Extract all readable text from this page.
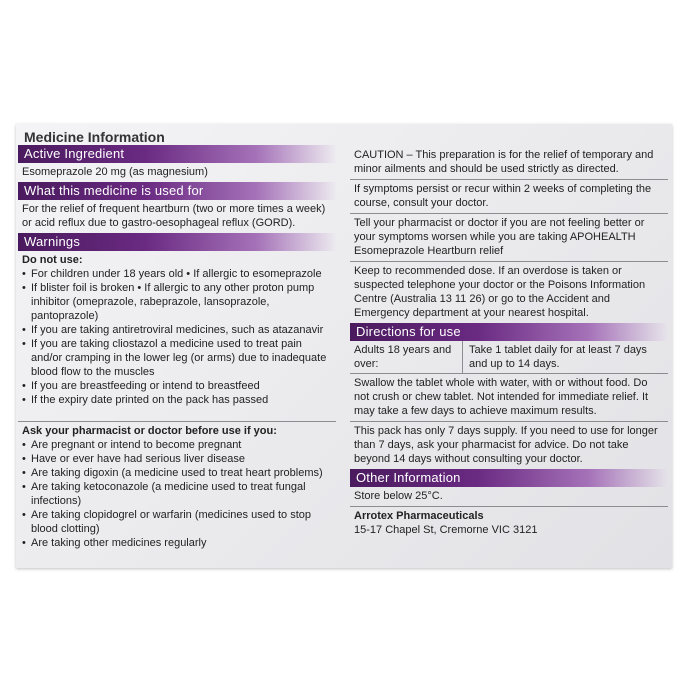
Medicine Information
Active Ingredient
Esomeprazole 20 mg (as magnesium)
What this medicine is used for
For the relief of frequent heartburn (two or more times a week) or acid reflux due to gastro-oesophageal reflux (GORD).
Warnings
Do not use:
• For children under 18 years old • If allergic to esomeprazole
• If blister foil is broken • If allergic to any other proton pump inhibitor (omeprazole, rabeprazole, lansoprazole, pantoprazole)
• If you are taking antiretroviral medicines, such as atazanavir
• If you are taking cliostazol a medicine used to treat pain and/or cramping in the lower leg (or arms) due to inadequate blood flow to the muscles
• If you are breastfeeding or intend to breastfeed
• If the expiry date printed on the pack has passed
Ask your pharmacist or doctor before use if you:
• Are pregnant or intend to become pregnant
• Have or ever have had serious liver disease
• Are taking digoxin (a medicine used to treat heart problems)
• Are taking ketoconazole (a medicine used to treat fungal infections)
• Are taking clopidogrel or warfarin (medicines used to stop blood clotting)
• Are taking other medicines regularly
CAUTION – This preparation is for the relief of temporary and minor ailments and should be used strictly as directed.
If symptoms persist or recur within 2 weeks of completing the course, consult your doctor.
Tell your pharmacist or doctor if you are not feeling better or your symptoms worsen while you are taking APOHEALTH Esomeprazole Heartburn relief
Keep to recommended dose. If an overdose is taken or suspected telephone your doctor or the Poisons Information Centre (Australia 13 11 26) or go to the Accident and Emergency department at your nearest hospital.
Directions for use
Adults 18 years and over:
Take 1 tablet daily for at least 7 days and up to 14 days.
Swallow the tablet whole with water, with or without food. Do not crush or chew tablet. Not intended for immediate relief. It may take a few days to achieve maximum results.
This pack has only 7 days supply. If you need to use for longer than 7 days, ask your pharmacist for advice. Do not take beyond 14 days without consulting your doctor.
Other Information
Store below 25°C.
Arrotex Pharmaceuticals
15-17 Chapel St, Cremorne VIC 3121
